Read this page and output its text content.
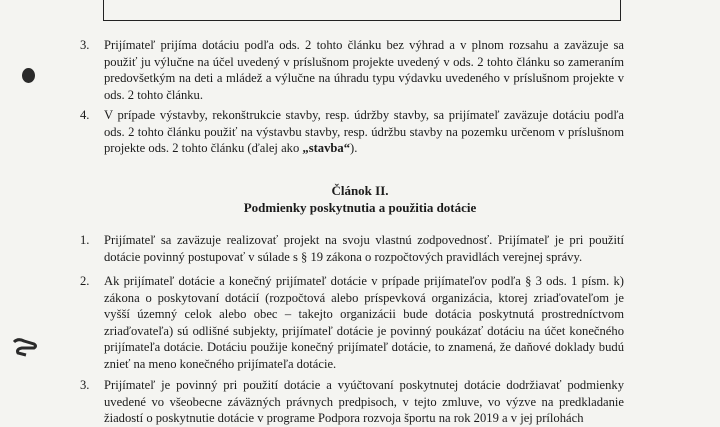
3. Prijímateľ prijíma dotáciu podľa ods. 2 tohto článku bez výhrad a v plnom rozsahu a zaväzuje sa použiť ju výlučne na účel uvedený v príslušnom projekte uvedený v ods. 2 tohto článku so zameraním predovšetkým na deti a mládež a výlučne na úhradu typu výdavku uvedeného v príslušnom projekte v ods. 2 tohto článku.
4. V prípade výstavby, rekonštrukcie stavby, resp. údržby stavby, sa prijímateľ zaväzuje dotáciu podľa ods. 2 tohto článku použiť na výstavbu stavby, resp. údržbu stavby na pozemku určenom v príslušnom projekte ods. 2 tohto článku (ďalej ako „stavba“).
Článok II.
Podmienky poskytnutia a použitia dotácie
1. Prijímateľ sa zaväzuje realizovať projekt na svoju vlastnú zodpovednosť. Prijímateľ je pri použití dotácie povinný postupovať v súlade s § 19 zákona o rozpočtových pravidlách verejnej správy.
2. Ak prijímateľ dotácie a konečný prijímateľ dotácie v prípade prijímateľov podľa § 3 ods. 1 písm. k) zákona o poskytovaní dotácií (rozpočtová alebo príspevková organizácia, ktorej zriaďovateľom je vyšší územný celok alebo obec – takejto organizácii bude dotácia poskytnutá prostredníctvom zriaďovateľa) sú odlišné subjekty, prijímateľ dotácie je povinný poukázať dotáciu na účet konečného prijímateľa dotácie. Dotáciu použije konečný prijímateľ dotácie, to znamená, že daňové doklady budú znieť na meno konečného prijímateľa dotácie.
3. Prijímateľ je povinný pri použití dotácie a vyúčtovaní poskytnutej dotácie dodržiavať podmienky uvedené vo všeobecne záväzných právnych predpisoch, v tejto zmluve, vo výzve na predkladanie žiadostí o poskytnutie dotácie v programe Podpora rozvoja športu na rok 2019 a v jej prílohách
